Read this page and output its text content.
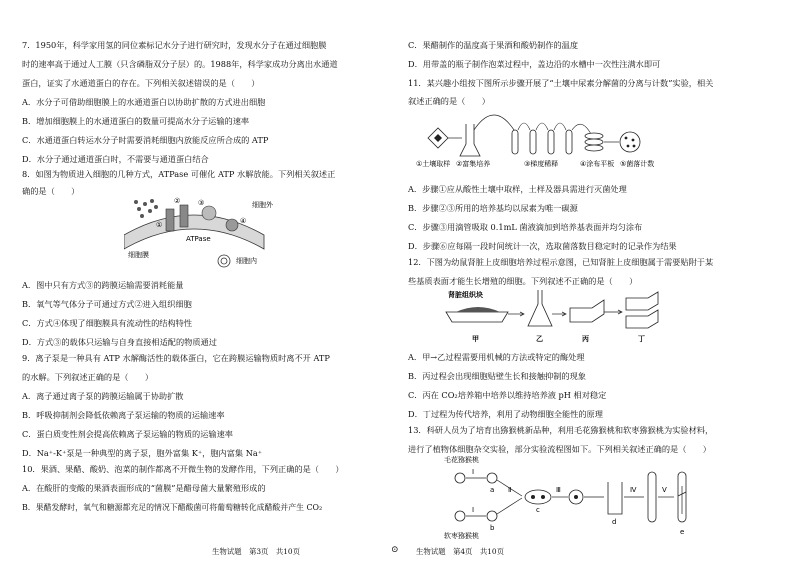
7．1950年，科学家用氢的同位素标记水分子进行研究时，发现水分子在通过细胞膜
时的速率高于通过人工膜（只含磷脂双分子层）的。1988年，科学家成功分离出水通道
蛋白，证实了水通道蛋白的存在。下列相关叙述错误的是（　　）
A．水分子可借助细胞膜上的水通道蛋白以协助扩散的方式进出细胞
B．增加细胞膜上的水通道蛋白的数量可提高水分子运输的速率
C．水通道蛋白转运水分子时需要消耗细胞内放能反应所合成的 ATP
D．水分子通过通道蛋白时，不需要与通道蛋白结合
8．如图为物质进入细胞的几种方式，ATPase 可催化 ATP 水解放能。下列相关叙述正
确的是（　　）
细胞外
细胞内
细胞膜
ATPase
①
②	③
④
A．图中只有方式③的跨膜运输需要消耗能量
B．氧气等气体分子可通过方式②进入组织细胞
C．方式④体现了细胞膜具有流动性的结构特性
D．方式③的载体只运输与自身直接相适配的物质通过
9．离子泵是一种具有 ATP 水解酶活性的载体蛋白，它在跨膜运输物质时离不开 ATP
的水解。下列叙述正确的是（　　）
A．离子通过离子泵的跨膜运输属于协助扩散
B．呼吸抑制剂会降低依赖离子泵运输的物质的运输速率
C．蛋白质变性剂会提高依赖离子泵运输的物质的运输速率
D．Na⁺-K⁺泵是一种典型的离子泵，胞外富集 K⁺，胞内富集 Na⁺
10．果酒、果醋、酸奶、泡菜的制作都离不开微生物的发酵作用，下列正确的是（　　）
A．在酸肝的变酸的果酒表面形成的“菌膜”是醋母菌大量繁殖形成的
B．果醋发酵时，氧气和糖源都充足的情况下醋酸菌可将葡萄糖转化成醋酸并产生 CO₂
C．果醋制作的温度高于果酒和酸奶制作的温度
D．用带盖的瓶子制作泡菜过程中，盖边沿的水槽中一次性注满水即可
11．某兴趣小组按下图所示步骤开展了“土壤中尿素分解菌的分离与计数”实验，相关
叙述正确的是（　　）
①土壤取样 ②富集培养	③梯度稀释	④涂布平板 ⑤菌落计数
A．步骤①应从酸性土壤中取样，土样及器具需进行灭菌处理
B．步骤②③所用的培养基均以尿素为唯一碳源
C．步骤③用滴管吸取 0.1mL 菌液滴加到培养基表面并均匀涂布
D．步骤⑥应每隔一段时间统计一次，选取菌落数目稳定时的记录作为结果
12．下图为幼鼠肾脏上皮细胞培养过程示意图，已知肾脏上皮细胞属于需要贴附于某
些基质表面才能生长增殖的细胞。下列叙述不正确的是（　　）
肾脏组织块
甲	乙	丙	丁
A．甲→乙过程需要用机械的方法或特定的酶处理
B．丙过程会出现细胞贴壁生长和接触抑制的现象
C．丙在 CO₂培养箱中培养以维持培养液 pH 相对稳定
D．丁过程为传代培养，利用了动物细胞全能性的原理
13．科研人员为了培育出猕猴桃新品种，利用毛花猕猴桃和软枣猕猴桃为实验材料，
进行了植物体细胞杂交实验，部分实验流程图如下。下列相关叙述正确的是（　　）
毛花猕猴桃
软枣猕猴桃
Ⅰ
Ⅰ
a
b
Ⅱ
c
Ⅲ
d
Ⅳ	Ⅴ
e
生物试题　第3页　共10页	⊙ 生物试题　第4页　共10页
